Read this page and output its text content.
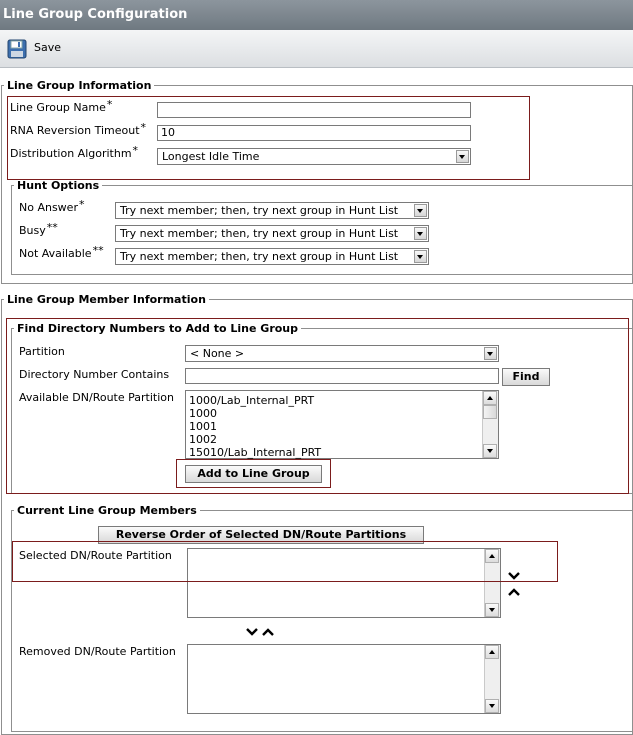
Line Group Configuration
Save
Line Group Information
Line Group Name*
RNA Reversion Timeout*	10
Distribution Algorithm*	Longest Idle Time
Hunt Options
No Answer*	Try next member; then, try next group in Hunt List
Busy**	Try next member; then, try next group in Hunt List
Not Available**	Try next member; then, try next group in Hunt List
Line Group Member Information
Find Directory Numbers to Add to Line Group
Partition	< None >
Directory Number Contains	Find
Available DN/Route Partition 1000/Lab_Internal_PRT
1000
1001
1002
15010/Lab_Internal_PRT
Add to Line Group
Current Line Group Members
Reverse Order of Selected DN/Route Partitions
Selected DN/Route Partition
Removed DN/Route Partition
